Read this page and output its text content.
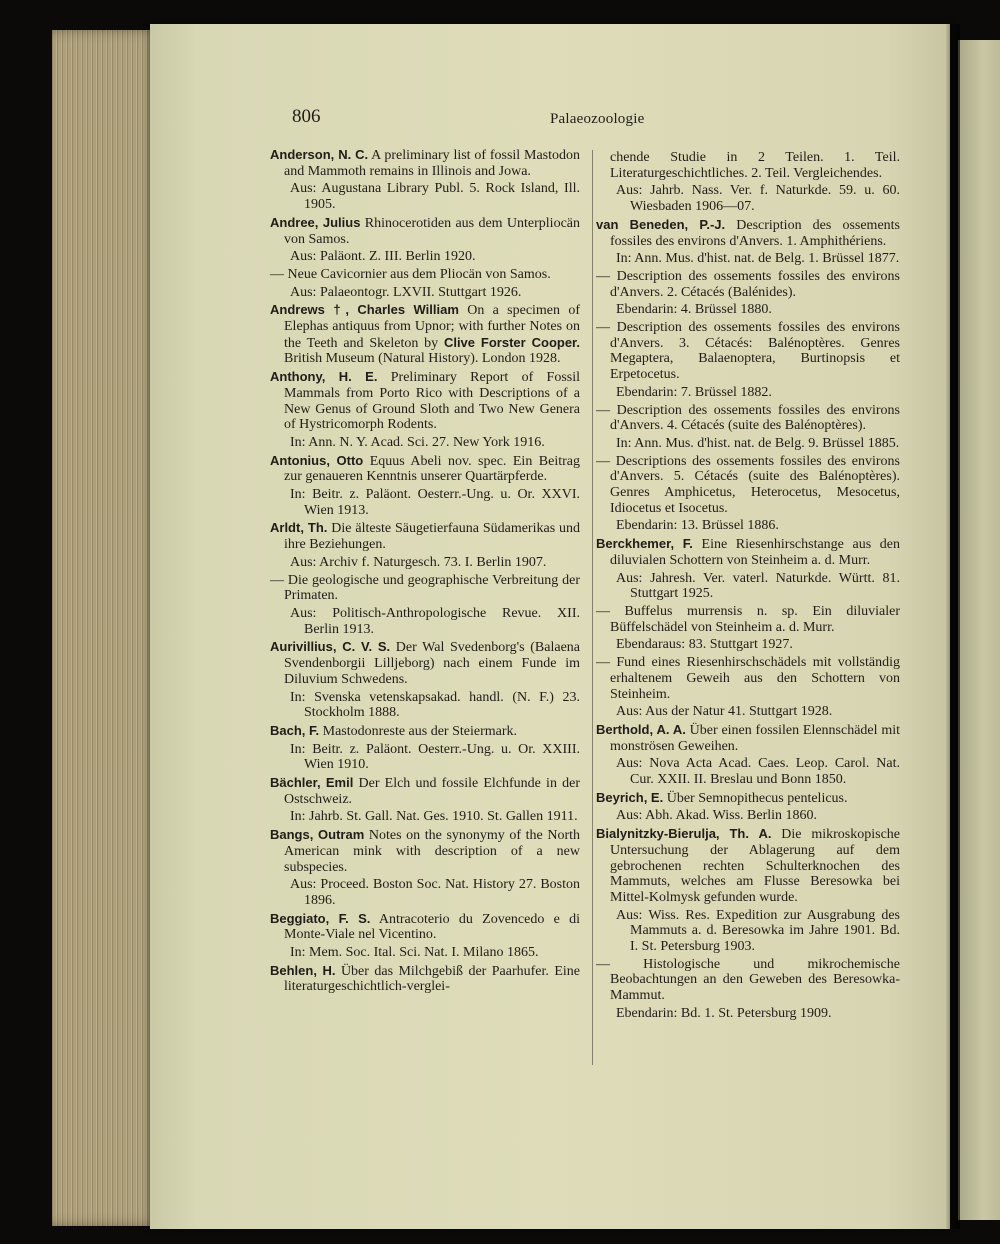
806	Palaeozoologie

Anderson, N. C. A preliminary list of fossil Mastodon and Mammoth remains in Illinois and Jowa.

Aus: Augustana Library Publ. 5. Rock Island, Ill. 1905.

Andree, Julius Rhinocerotiden aus dem Unterpliocän von Samos.

Aus: Paläont. Z. III. Berlin 1920.

— Neue Cavicornier aus dem Pliocän von Samos.

Aus: Palaeontogr. LXVII. Stuttgart 1926.

Andrews †, Charles William On a specimen of Elephas antiquus from Upnor; with further Notes on the Teeth and Skeleton by Clive Forster Cooper. British Museum (Natural History). London 1928.

Anthony, H. E. Preliminary Report of Fossil Mammals from Porto Rico with Descriptions of a New Genus of Ground Sloth and Two New Genera of Hystricomorph Rodents.

In: Ann. N. Y. Acad. Sci. 27. New York 1916.

Antonius, Otto Equus Abeli nov. spec. Ein Beitrag zur genaueren Kenntnis unserer Quartärpferde.

In: Beitr. z. Paläont. Oesterr.-Ung. u. Or. XXVI. Wien 1913.

Arldt, Th. Die älteste Säugetierfauna Südamerikas und ihre Beziehungen.

Aus: Archiv f. Naturgesch. 73. I. Berlin 1907.

— Die geologische und geographische Verbreitung der Primaten.

Aus: Politisch-Anthropologische Revue. XII. Berlin 1913.

Aurivillius, C. V. S. Der Wal Svedenborg's (Balaena Svendenborgii Lilljeborg) nach einem Funde im Diluvium Schwedens.

In: Svenska vetenskapsakad. handl. (N. F.) 23. Stockholm 1888.

Bach, F. Mastodonreste aus der Steiermark.

In: Beitr. z. Paläont. Oesterr.-Ung. u. Or. XXIII. Wien 1910.

Bächler, Emil Der Elch und fossile Elchfunde in der Ostschweiz.

In: Jahrb. St. Gall. Nat. Ges. 1910. St. Gallen 1911.

Bangs, Outram Notes on the synonymy of the North American mink with description of a new subspecies.

Aus: Proceed. Boston Soc. Nat. History 27. Boston 1896.

Beggiato, F. S. Antracoterio du Zovencedo e di Monte-Viale nel Vicentino.

In: Mem. Soc. Ital. Sci. Nat. I. Milano 1865.

Behlen, H. Über das Milchgebiß der Paarhufer. Eine literaturgeschichtlich-verglei-

chende Studie in 2 Teilen. 1. Teil. Literaturgeschichtliches. 2. Teil. Vergleichendes.

Aus: Jahrb. Nass. Ver. f. Naturkde. 59. u. 60. Wiesbaden 1906—07.

van Beneden, P.-J. Description des ossements fossiles des environs d'Anvers. 1. Amphithériens.

In: Ann. Mus. d'hist. nat. de Belg. 1. Brüssel 1877.

— Description des ossements fossiles des environs d'Anvers. 2. Cétacés (Balénides).

Ebendarin: 4. Brüssel 1880.

— Description des ossements fossiles des environs d'Anvers. 3. Cétacés: Balénoptères. Genres Megaptera, Balaenoptera, Burtinopsis et Erpetocetus.

Ebendarin: 7. Brüssel 1882.

— Description des ossements fossiles des environs d'Anvers. 4. Cétacés (suite des Balénoptères).

In: Ann. Mus. d'hist. nat. de Belg. 9. Brüssel 1885.

— Descriptions des ossements fossiles des environs d'Anvers. 5. Cétacés (suite des Balénoptères). Genres Amphicetus, Heterocetus, Mesocetus, Idiocetus et Isocetus.

Ebendarin: 13. Brüssel 1886.

Berckhemer, F. Eine Riesenhirschstange aus den diluvialen Schottern von Steinheim a. d. Murr.

Aus: Jahresh. Ver. vaterl. Naturkde. Württ. 81. Stuttgart 1925.

— Buffelus murrensis n. sp. Ein diluvialer Büffelschädel von Steinheim a. d. Murr.

Ebendaraus: 83. Stuttgart 1927.

— Fund eines Riesenhirschschädels mit vollständig erhaltenem Geweih aus den Schottern von Steinheim.

Aus: Aus der Natur 41. Stuttgart 1928.

Berthold, A. A. Über einen fossilen Elennschädel mit monströsen Geweihen.

Aus: Nova Acta Acad. Caes. Leop. Carol. Nat. Cur. XXII. II. Breslau und Bonn 1850.

Beyrich, E. Über Semnopithecus pentelicus.

Aus: Abh. Akad. Wiss. Berlin 1860.

Bialynitzky-Bierulja, Th. A. Die mikroskopische Untersuchung der Ablagerung auf dem gebrochenen rechten Schulterknochen des Mammuts, welches am Flusse Beresowka bei Mittel-Kolmysk gefunden wurde.

Aus: Wiss. Res. Expedition zur Ausgrabung des Mammuts a. d. Beresowka im Jahre 1901. Bd. I. St. Petersburg 1903.

— Histologische und mikrochemische Beobachtungen an den Geweben des Beresowka-Mammut.

Ebendarin: Bd. 1. St. Petersburg 1909.
